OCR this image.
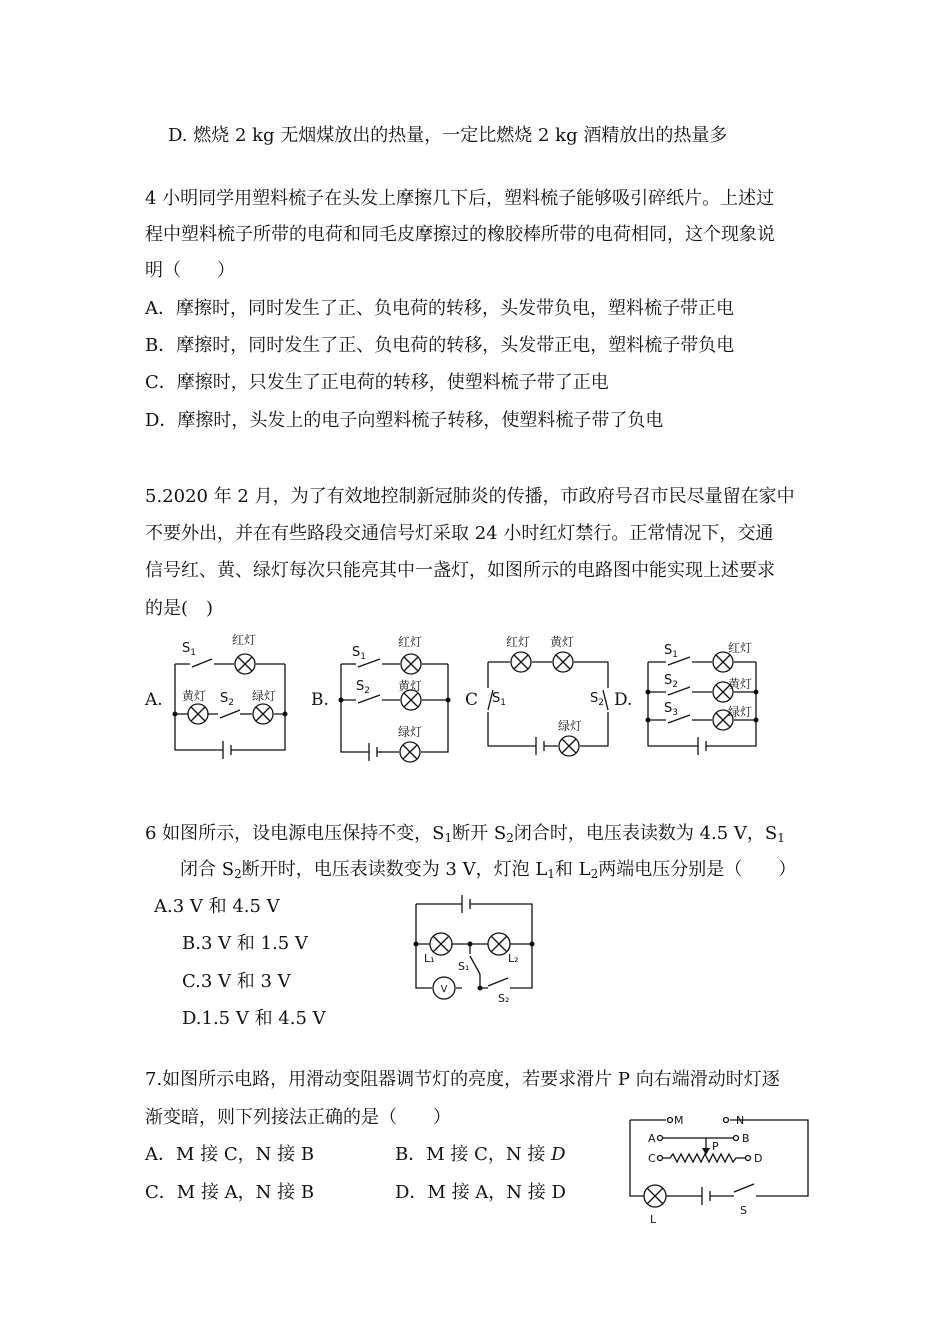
D. 燃烧 2 kg 无烟煤放出的热量，一定比燃烧 2 kg 酒精放出的热量多
4 小明同学用塑料梳子在头发上摩擦几下后，塑料梳子能够吸引碎纸片。上述过
程中塑料梳子所带的电荷和同毛皮摩擦过的橡胶棒所带的电荷相同，这个现象说
明（　　）
A．摩擦时，同时发生了正、负电荷的转移，头发带负电，塑料梳子带正电
B．摩擦时，同时发生了正、负电荷的转移，头发带正电，塑料梳子带负电
C．摩擦时，只发生了正电荷的转移，使塑料梳子带了正电
D．摩擦时，头发上的电子向塑料梳子转移，使塑料梳子带了负电
5.2020 年 2 月，为了有效地控制新冠肺炎的传播，市政府号召市民尽量留在家中
不要外出，并在有些路段交通信号灯采取 24 小时红灯禁行。正常情况下，交通
信号红、黄、绿灯每次只能亮其中一盏灯，如图所示的电路图中能实现上述要求
的是(　)
A.	B.	C	D.
$S_1$
红灯
黄灯 $S_2$ 绿灯
$S_1$
红灯
$S_2$ 黄灯
绿灯
红灯 黄灯
$S_1$	$S_2$
绿灯
$S_1$	红灯
$S_2$	黄灯
$S_3$	绿灯
6 如图所示，设电源电压保持不变，$S_1$断开 $S_2$闭合时，电压表读数为 4.5 V，$S_1$
闭合 $S_2$断开时，电压表读数变为 3 V，灯泡 $L_1$和 $L_2$两端电压分别是（　　）
A.3 V 和 4.5 V
B.3 V 和 1.5 V
C.3 V 和 3 V
D.1.5 V 和 4.5 V
V
L₁	L₂
S₁
S₂
7.如图所示电路，用滑动变阻器调节灯的亮度，若要求滑片 P 向右端滑动时灯逐
渐变暗，则下列接法正确的是（　　）
A．M 接 C，N 接 B	B．M 接 C，N 接 D
C．M 接 A，N 接 B	D．M 接 A，N 接 D
M	N
A	B
C	D
P
L
S
